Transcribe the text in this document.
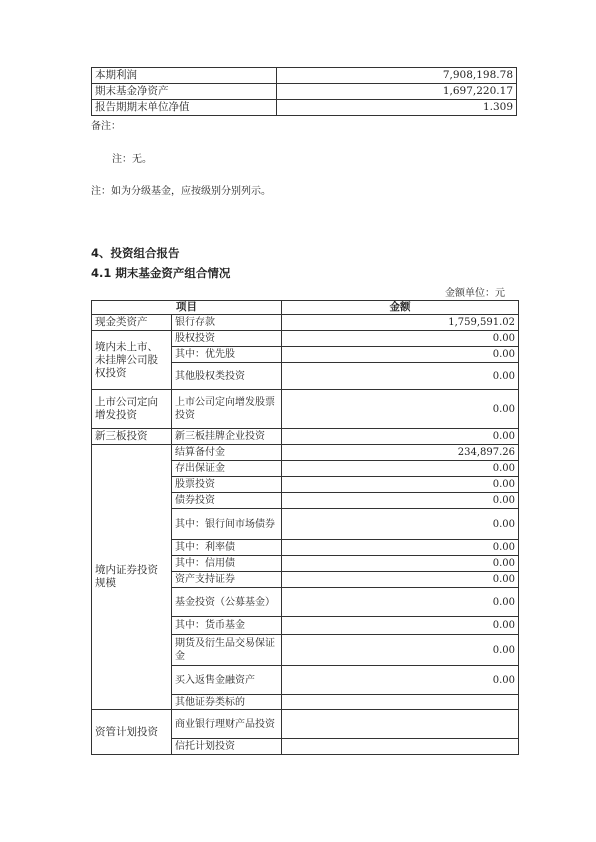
本期利润	7,908,198.78
期末基金净资产	1,697,220.17
报告期期末单位净值	1.309
备注：
注：无。
注：如为分级基金，应按级别分别列示。
4、投资组合报告
4.1 期末基金资产组合情况
金额单位：元
项目		金额
现金类资产	银行存款	1,759,591.02
境内未上市、未挂牌公司股权投资	股权投资	0.00
	其中：优先股	0.00
	其他股权类投资	0.00
上市公司定向增发投资	上市公司定向增发股票投资	0.00
新三板投资	新三板挂牌企业投资	0.00
境内证券投资规模	结算备付金	234,897.26
	存出保证金	0.00
	股票投资	0.00
	债券投资	0.00
	其中：银行间市场债券	0.00
	其中：利率债	0.00
	其中：信用债	0.00
	资产支持证券	0.00
	基金投资（公募基金）	0.00
	其中：货币基金	0.00
	期货及衍生品交易保证金	0.00
	买入返售金融资产	0.00
	其他证券类标的	
资管计划投资	商业银行理财产品投资	
	信托计划投资	
